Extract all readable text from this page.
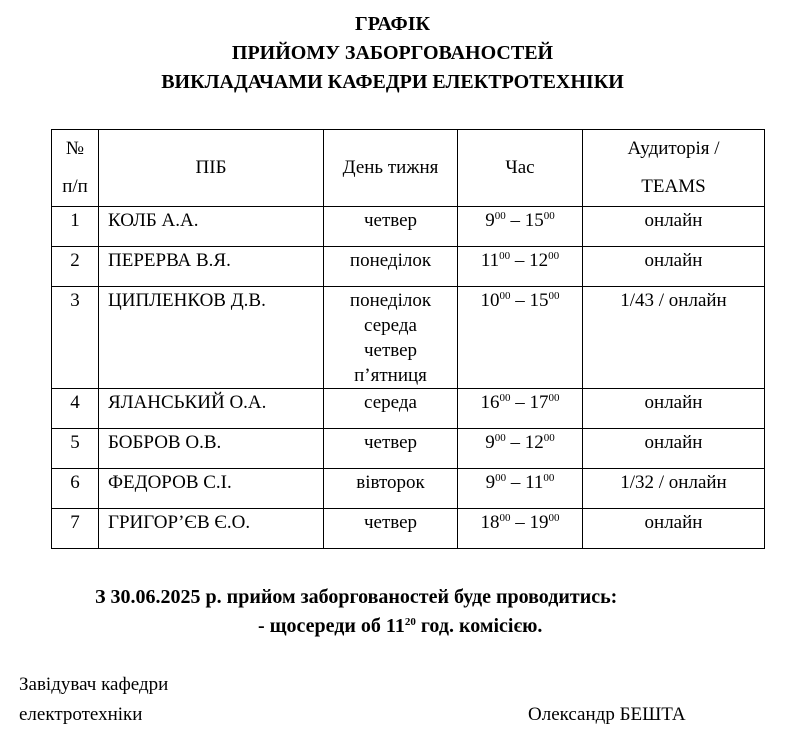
ГРАФІК
ПРИЙОМУ ЗАБОРГОВАНОСТЕЙ
ВИКЛАДАЧАМИ КАФЕДРИ ЕЛЕКТРОТЕХНІКИ
№
п/п	ПІБ	День тижня	Час	Аудиторія /
TEAMS

1	КОЛБ А.А.	четвер	$9^{00} - 15^{00}$	онлайн

2	ПЕРЕРВА В.Я.	понеділок	$11^{00} - 12^{00}$	онлайн

3	ЦИПЛЕНКОВ Д.В.	понеділок
середа
четвер
п’ятниця	$10^{00} - 15^{00}$	1/43 / онлайн

4	ЯЛАНСЬКИЙ О.А.	середа	$16^{00} - 17^{00}$	онлайн

5	БОБРОВ О.В.	четвер	$9^{00} - 12^{00}$	онлайн

6	ФЕДОРОВ С.І.	вівторок	$9^{00} - 11^{00}$	1/32 / онлайн

7	ГРИГОР’ЄВ Є.О.	четвер	$18^{00} - 19^{00}$	онлайн
З 30.06.2025 р. прийом заборгованостей буде проводитись:
- щосереди об $11^{20}$ год. комісією.
Завідувач кафедри
електротехніки	Олександр БЕШТА
